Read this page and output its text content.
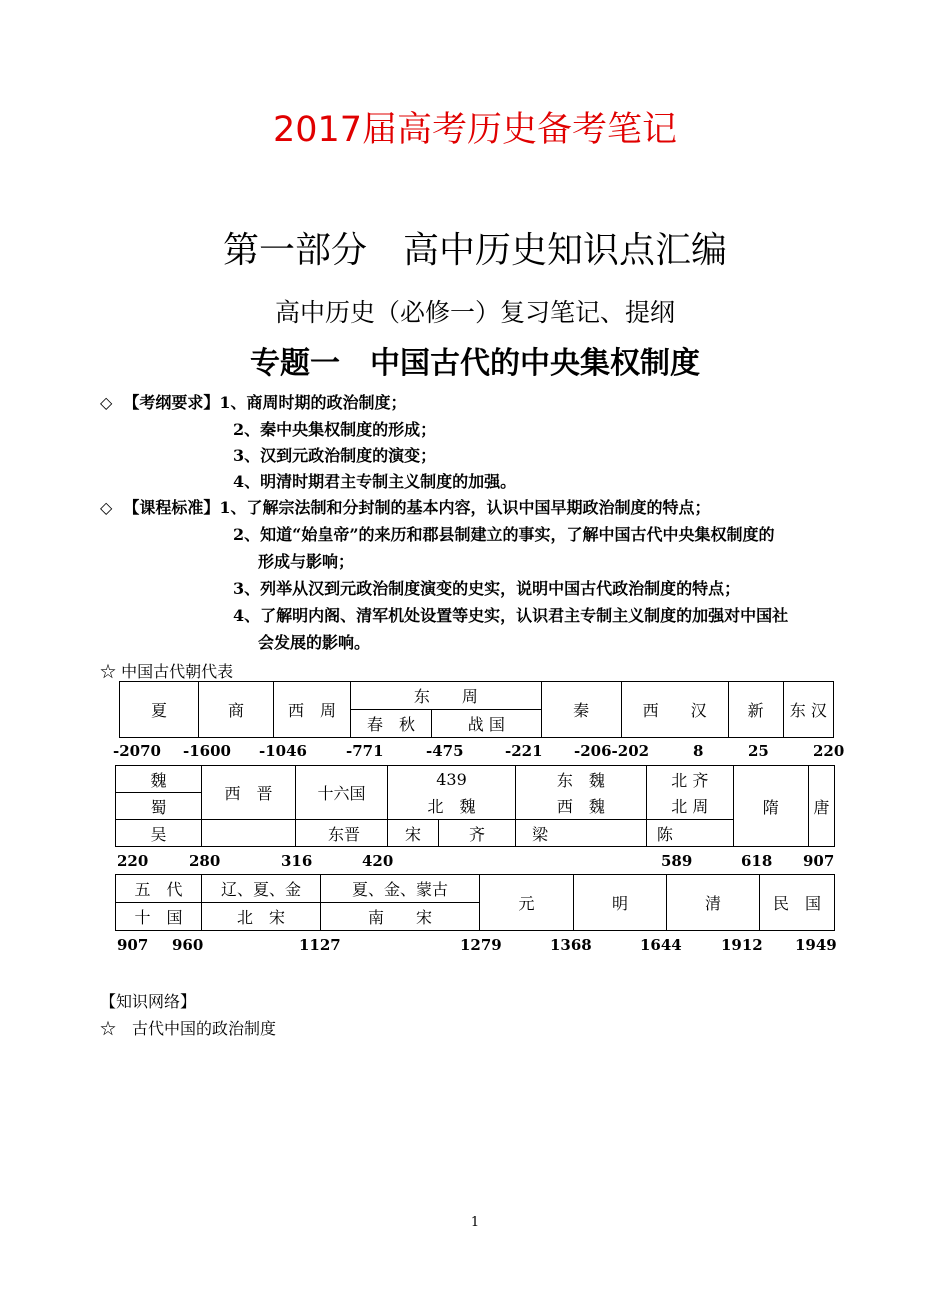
2017届高考历史备考笔记
第一部分　高中历史知识点汇编
高中历史（必修一）复习笔记、提纲
专题一　中国古代的中央集权制度
◇ 【考纲要求】1、商周时期的政治制度；
2、秦中央集权制度的形成；
3、汉到元政治制度的演变；
4、明清时期君主专制主义制度的加强。
◇ 【课程标准】1、了解宗法制和分封制的基本内容，认识中国早期政治制度的特点；
2、知道“始皇帝”的来历和郡县制建立的事实，了解中国古代中央集权制度的
形成与影响；
3、列举从汉到元政治制度演变的史实，说明中国古代政治制度的特点；
4、了解明内阁、清军机处设置等史实，认识君主专制主义制度的加强对中国社
会发展的影响。
☆ 中国古代朝代表
夏	商	西　周	东　　周		秦	西　　汉	新	东 汉
			春　秋	战 国				
-2070 -1600 -1046	-771	-475	-221 -206-202	8	25	220
魏	西　晋	十六国	439		东　魏	北 齐	隋	唐
蜀			北　魏		西　魏	北 周		
吴		东晋	宋	齐	梁	陈		
220	280	316	420	589	618 907
五　代	辽、夏、金	夏、金、蒙古	元	明	清	民　国
十　国	北　宋	南　　宋				
907 960	1127	1279	1368	1644	1912 1949
【知识网络】
☆　古代中国的政治制度
1
